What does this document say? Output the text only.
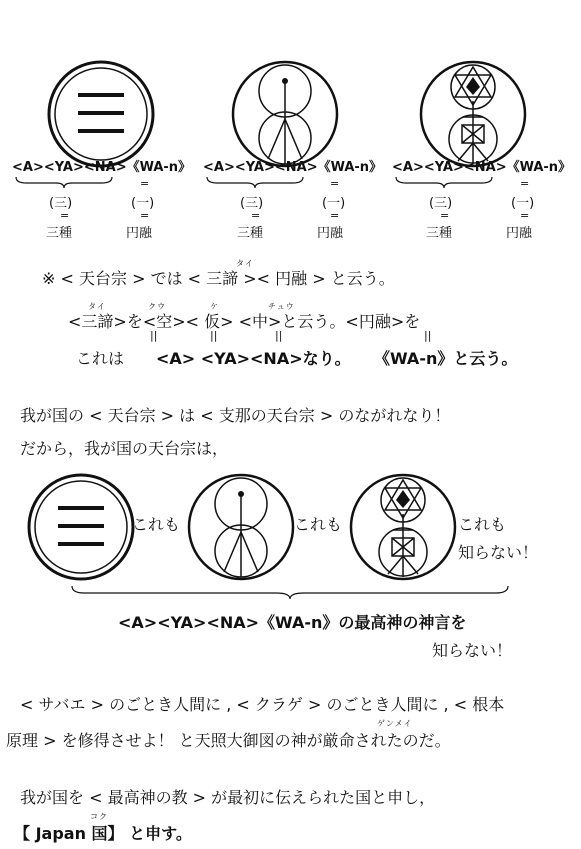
<A><YA><NA>《WA-n》
=
(三)	(一)
=	=
三種	円融
<A><YA><NA>《WA-n》
=
(三)	(一)
=	=
三種	円融
<A><YA><NA>《WA-n》
=
(三)	(一)
=	=
三種	円融
タイ
※ < 天台宗 > では < 三諦 >< 円融 > と云う。
タイ	クウ	ケ	チュウ
<三諦>を<空>< 仮> <中>と云う。<円融>を
||	||	||	||
これは <A> <YA><NA>なり。 《WA-n》と云う。
我が国の < 天台宗 > は < 支那の天台宗 > のながれなり！
だから，我が国の天台宗は，
これも	これも	これも
知らない！
<A><YA><NA>《WA-n》の最高神の神言を
知らない！
< サバエ > のごとき人間に , < クラゲ > のごとき人間に , < 根本
ゲンメイ
原理 > を修得させよ！ と天照大御図の神が厳命されたのだ。
我が国を < 最高神の教 > が最初に伝えられた国と申し，
コク
【 Japan 国】 と申す。
